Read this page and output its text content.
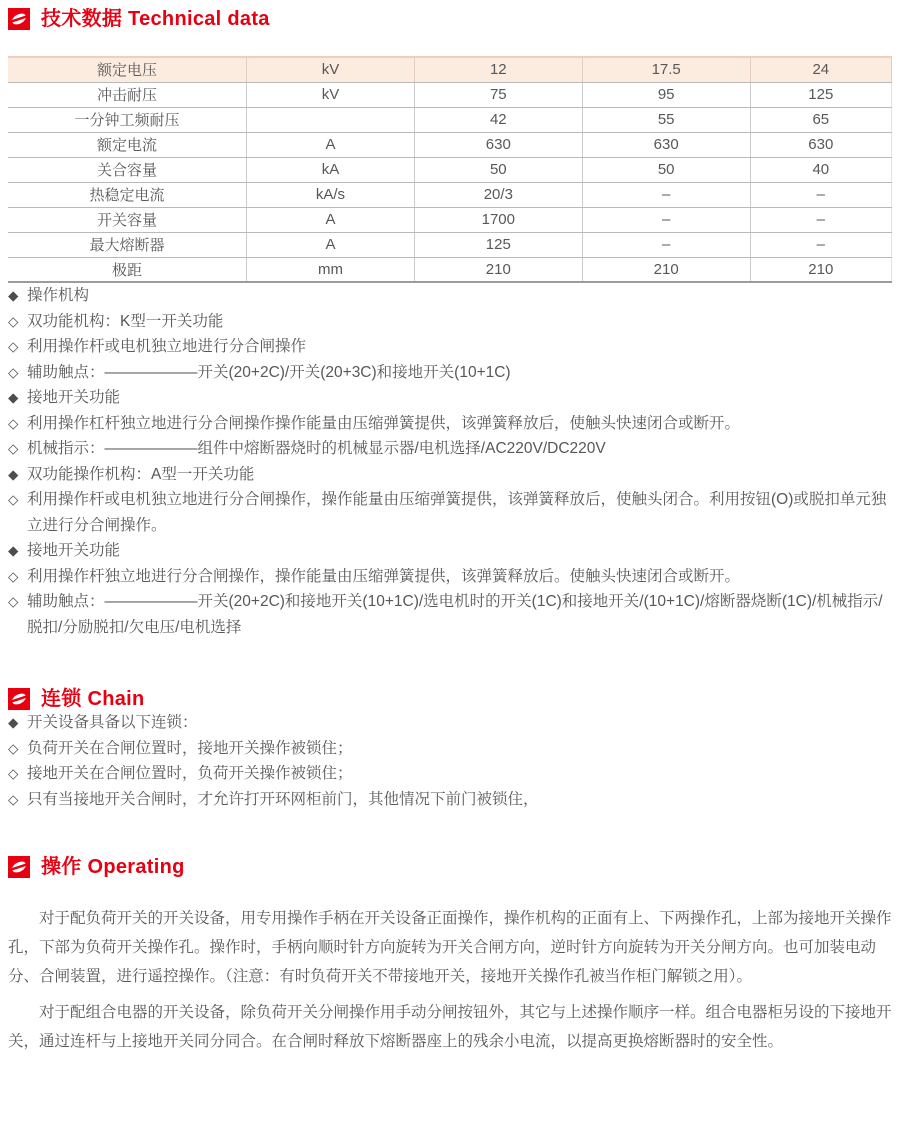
技术数据 Technical data
额定电压	kV	12	17.5	24
冲击耐压	kV	75	95	125
一分钟工频耐压		42	55	65
额定电流	A	630	630	630
关合容量	kA	50	50	40
热稳定电流	kA/s	20/3	–	–
开关容量	A	1700	–	–
最大熔断器	A	125	–	–
极距	mm	210	210	210
◆ 操作机构
◇ 双功能机构：K型一开关功能
◇ 利用操作杆或电机独立地进行分合闸操作
◇ 辅助触点：——————开关(20+2C)/开关(20+3C)和接地开关(10+1C)
◆ 接地开关功能
◇ 利用操作杠杆独立地进行分合闸操作操作能量由压缩弹簧提供，该弹簧释放后，使触头快速闭合或断开。
◇ 机械指示：——————组件中熔断器烧时的机械显示器/电机选择/AC220V/DC220V
◆ 双功能操作机构：A型一开关功能
◇ 利用操作杆或电机独立地进行分合闸操作，操作能量由压缩弹簧提供，该弹簧释放后，使触头闭合。利用按钮(O)或脱扣单元独立进行分合闸操作。
◆ 接地开关功能
◇ 利用操作杆独立地进行分合闸操作，操作能量由压缩弹簧提供，该弹簧释放后。使触头快速闭合或断开。
◇ 辅助触点：——————开关(20+2C)和接地开关(10+1C)/选电机时的开关(1C)和接地开关/(10+1C)/熔断器烧断(1C)/机械指示/脱扣/分励脱扣/欠电压/电机选择
连锁 Chain
◆ 开关设备具备以下连锁：
◇ 负荷开关在合闸位置时，接地开关操作被锁住；
◇ 接地开关在合闸位置时，负荷开关操作被锁住；
◇ 只有当接地开关合闸时，才允许打开环网柜前门，其他情况下前门被锁住，
操作 Operating

对于配负荷开关的开关设备，用专用操作手柄在开关设备正面操作，操作机构的正面有上、下两操作孔，上部为接地开关操作孔，下部为负荷开关操作孔。操作时，手柄向顺时针方向旋转为开关合闸方向，逆时针方向旋转为开关分闸方向。也可加装电动分、合闸装置，进行遥控操作。（注意：有时负荷开关不带接地开关，接地开关操作孔被当作柜门解锁之用）。

对于配组合电器的开关设备，除负荷开关分闸操作用手动分闸按钮外，其它与上述操作顺序一样。组合电器柜另设的下接地开关，通过连杆与上接地开关同分同合。在合闸时释放下熔断器座上的残余小电流，以提高更换熔断器时的安全性。
